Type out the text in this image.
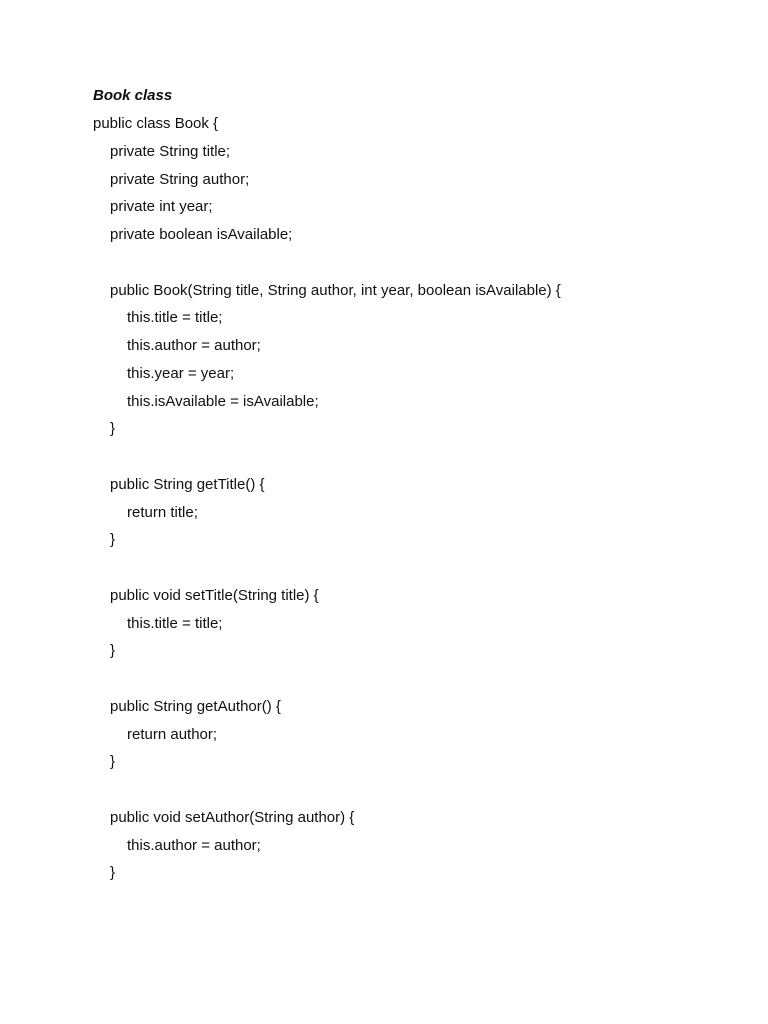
Book class
public class Book {
private String title;
private String author;
private int year;
private boolean isAvailable;
public Book(String title, String author, int year, boolean isAvailable) {
this.title = title;
this.author = author;
this.year = year;
this.isAvailable = isAvailable;
}
public String getTitle() {
return title;
}
public void setTitle(String title) {
this.title = title;
}
public String getAuthor() {
return author;
}
public void setAuthor(String author) {
this.author = author;
}
